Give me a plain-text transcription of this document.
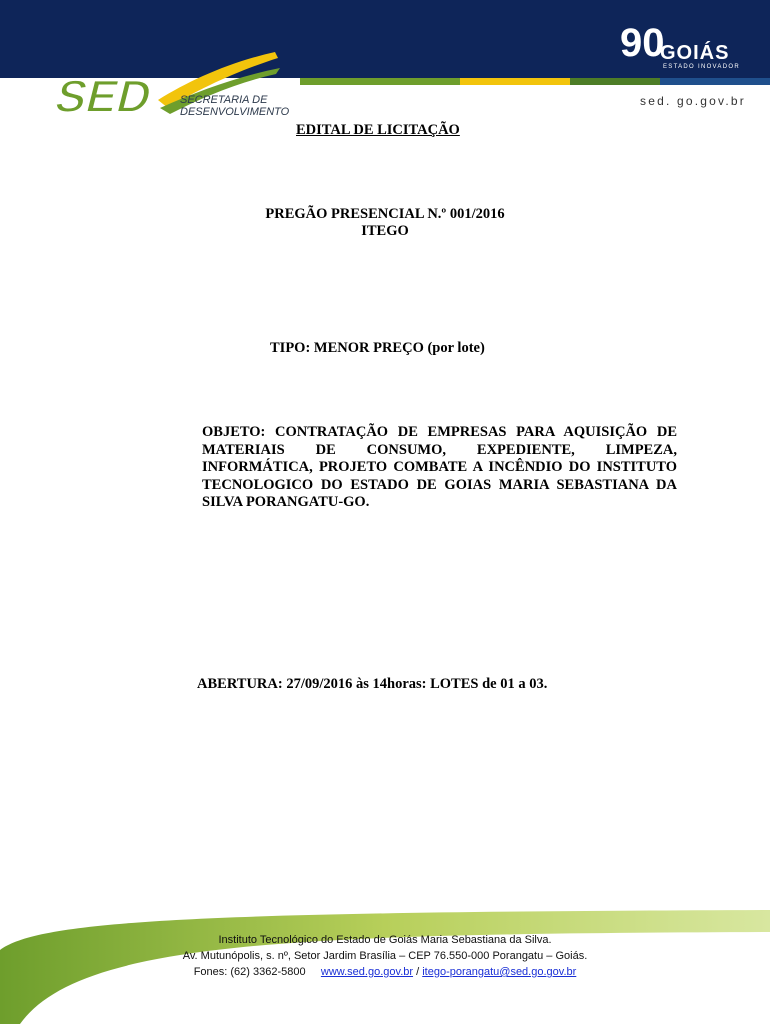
SED SECRETARIA DE
DESENVOLVIMENTO
90
GOIÁS
ESTADO INOVADOR
sed. go.gov.br
EDITAL DE LICITAÇÃO
PREGÃO PRESENCIAL N.º 001/2016
ITEGO
TIPO: MENOR PREÇO (por lote)
OBJETO: CONTRATAÇÃO DE EMPRESAS PARA AQUISIÇÃO DE MATERIAIS DE CONSUMO, EXPEDIENTE, LIMPEZA, INFORMÁTICA, PROJETO COMBATE A INCÊNDIO DO INSTITUTO TECNOLOGICO DO ESTADO DE GOIAS MARIA SEBASTIANA DA SILVA PORANGATU-GO.
ABERTURA: 27/09/2016 às 14horas: LOTES de 01 a 03.
Instituto Tecnológico do Estado de Goiás Maria Sebastiana da Silva.
Av. Mutunópolis, s. nº, Setor Jardim Brasília – CEP 76.550-000 Porangatu – Goiás.
Fones: (62) 3362-5800 www.sed.go.gov.br / itego-porangatu@sed.go.gov.br
